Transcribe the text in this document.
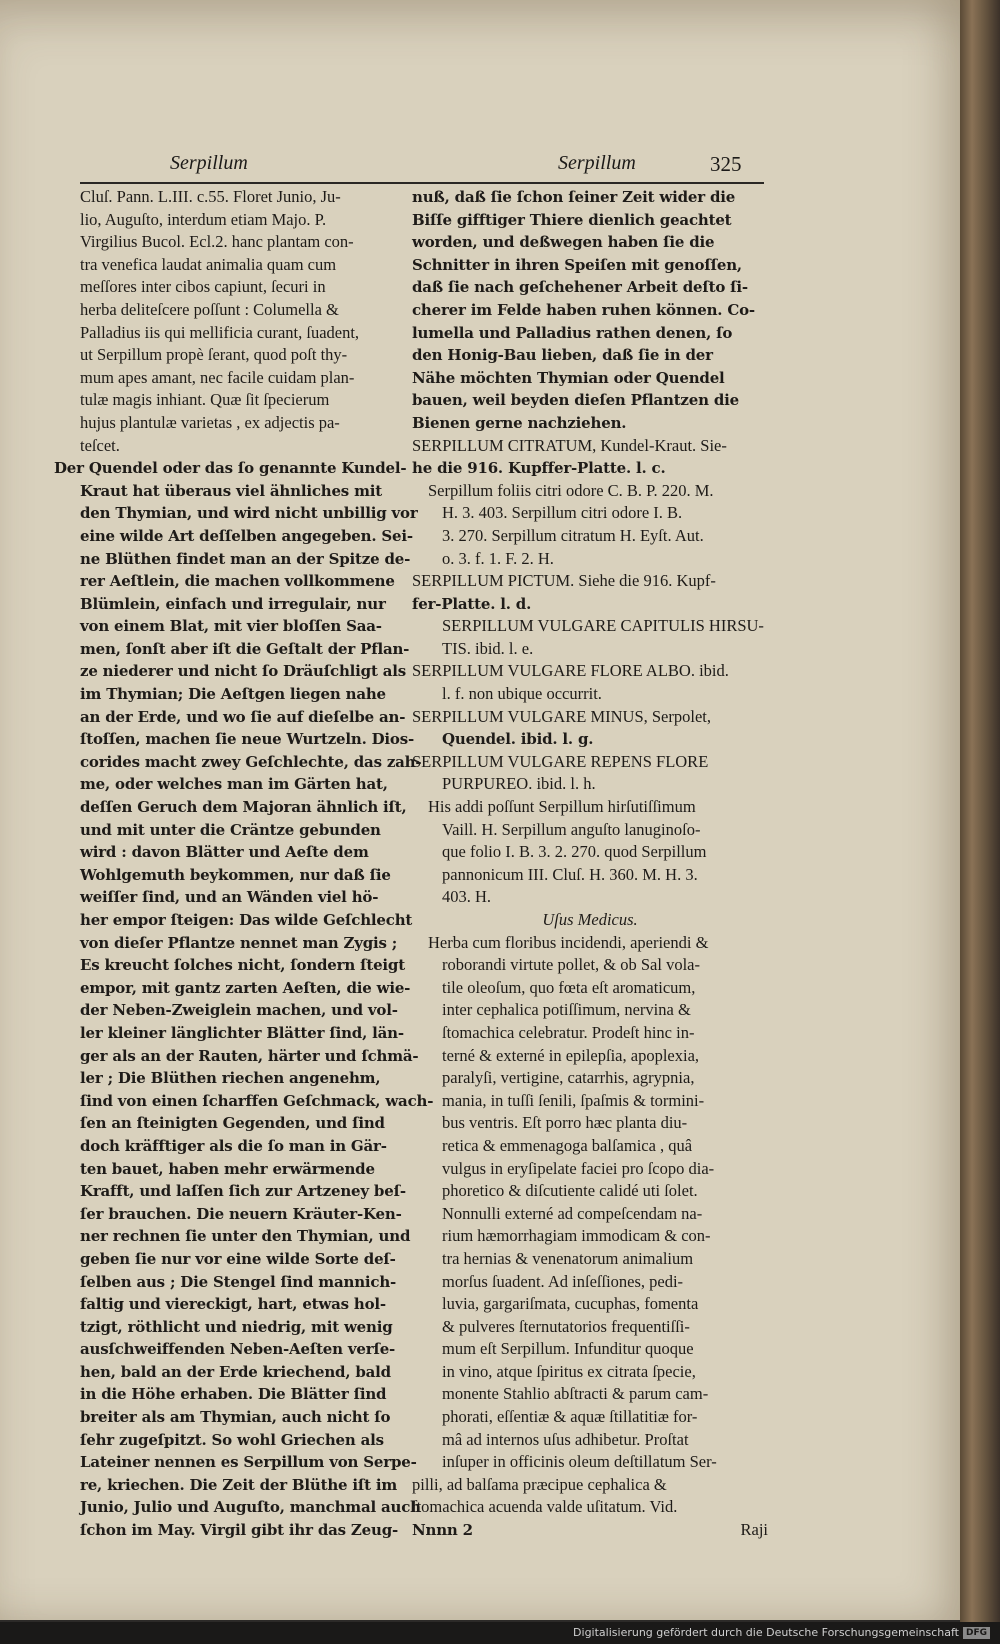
Serpillum	Serpillum	325
Cluſ. Pann. L.III. c.55. Floret Junio, Ju-
lio, Auguſto, interdum etiam Majo. P.
Virgilius Bucol. Ecl.2. hanc plantam con-
tra venefica laudat animalia quam cum
meſſores inter cibos capiunt, ſecuri in
herba deliteſcere poſſunt : Columella &
Palladius iis qui mellificia curant, ſuadent,
ut Serpillum propè ſerant, quod poſt thy-
mum apes amant, nec facile cuidam plan-
tulæ magis inhiant. Quæ ſit ſpecierum
hujus plantulæ varietas , ex adjectis pa-
teſcet.
Der Quendel oder das ſo genannte Kundel-
Kraut hat überaus viel ähnliches mit
den Thymian, und wird nicht unbillig vor
eine wilde Art deſſelben angegeben. Sei-
ne Blüthen findet man an der Spitze de-
rer Aeſtlein, die machen vollkommene
Blümlein, einfach und irregulair, nur
von einem Blat, mit vier bloſſen Saa-
men, ſonſt aber iſt die Geſtalt der Pflan-
ze niederer und nicht ſo Dräuſchligt als
im Thymian; Die Aeſtgen liegen nahe
an der Erde, und wo ſie auf dieſelbe an-
ſtoſſen, machen ſie neue Wurtzeln. Dios-
corides macht zwey Geſchlechte, das zah-
me, oder welches man im Gärten hat,
deſſen Geruch dem Majoran ähnlich iſt,
und mit unter die Cräntze gebunden
wird : davon Blätter und Aeſte dem
Wohlgemuth beykommen, nur daß ſie
weiſſer ſind, und an Wänden viel hö-
her empor ſteigen: Das wilde Geſchlecht
von dieſer Pflantze nennet man Zygis ;
Es kreucht ſolches nicht, ſondern ſteigt
empor, mit gantz zarten Aeſten, die wie-
der Neben-Zweiglein machen, und vol-
ler kleiner länglichter Blätter ſind, län-
ger als an der Rauten, härter und ſchmä-
ler ; Die Blüthen riechen angenehm,
ſind von einen ſcharffen Geſchmack, wach-
ſen an ſteinigten Gegenden, und ſind
doch kräfftiger als die ſo man in Gär-
ten bauet, haben mehr erwärmende
Krafft, und laſſen ſich zur Artzeney beſ-
ſer brauchen. Die neuern Kräuter-Ken-
ner rechnen ſie unter den Thymian, und
geben ſie nur vor eine wilde Sorte deſ-
ſelben aus ; Die Stengel ſind mannich-
faltig und viereckigt, hart, etwas hol-
tzigt, röthlicht und niedrig, mit wenig
ausſchweiffenden Neben-Aeſten verſe-
hen, bald an der Erde kriechend, bald
in die Höhe erhaben. Die Blätter ſind
breiter als am Thymian, auch nicht ſo
ſehr zugeſpitzt. So wohl Griechen als
Lateiner nennen es Serpillum von Serpe-
re, kriechen. Die Zeit der Blüthe iſt im
Junio, Julio und Auguſto, manchmal auch
ſchon im May. Virgil gibt ihr das Zeug-
nuß, daß ſie ſchon ſeiner Zeit wider die
Biſſe gifftiger Thiere dienlich geachtet
worden, und deßwegen haben ſie die
Schnitter in ihren Speiſen mit genoſſen,
daß ſie nach geſchehener Arbeit deſto ſi-
cherer im Felde haben ruhen können. Co-
lumella und Palladius rathen denen, ſo
den Honig-Bau lieben, daß ſie in der
Nähe möchten Thymian oder Quendel
bauen, weil beyden dieſen Pflantzen die
Bienen gerne nachziehen.
SERPILLUM CITRATUM, Kundel-Kraut. Sie-
he die 916. Kupffer-Platte. l. c.
Serpillum foliis citri odore C. B. P. 220. M.
H. 3. 403. Serpillum citri odore I. B.
3. 270. Serpillum citratum H. Eyſt. Aut.
o. 3. f. 1. F. 2. H.
SERPILLUM PICTUM. Siehe die 916. Kupf-
fer-Platte. l. d.
SERPILLUM VULGARE CAPITULIS HIRSU-
TIS. ibid. l. e.
SERPILLUM VULGARE FLORE ALBO. ibid.
l. f. non ubique occurrit.
SERPILLUM VULGARE MINUS, Serpolet,
Quendel. ibid. l. g.
SERPILLUM VULGARE REPENS FLORE
PURPUREO. ibid. l. h.
His addi poſſunt Serpillum hirſutiſſimum
Vaill. H. Serpillum anguſto lanuginoſo-
que folio I. B. 3. 2. 270. quod Serpillum
pannonicum III. Cluſ. H. 360. M. H. 3.
403. H.
Uſus Medicus.
Herba cum floribus incidendi, aperiendi &
roborandi virtute pollet, & ob Sal vola-
tile oleoſum, quo fœta eſt aromaticum,
inter cephalica potiſſimum, nervina &
ſtomachica celebratur. Prodeſt hinc in-
terné & externé in epilepſia, apoplexia,
paralyſi, vertigine, catarrhis, agrypnia,
mania, in tuſſi ſenili, ſpaſmis & tormini-
bus ventris. Eſt porro hæc planta diu-
retica & emmenagoga balſamica , quâ
vulgus in eryſipelate faciei pro ſcopo dia-
phoretico & diſcutiente calidé uti ſolet.
Nonnulli externé ad compeſcendam na-
rium hæmorrhagiam immodicam & con-
tra hernias & venenatorum animalium
morſus ſuadent. Ad inſeſſiones, pedi-
luvia, gargariſmata, cucuphas, fomenta
& pulveres ſternutatorios frequentiſſi-
mum eſt Serpillum. Infunditur quoque
in vino, atque ſpiritus ex citrata ſpecie,
monente Stahlio abſtracti & parum cam-
phorati, eſſentiæ & aquæ ſtillatitiæ for-
mâ ad internos uſus adhibetur. Proſtat
inſuper in officinis oleum deſtillatum Ser-
pilli, ad balſama præcipue cephalica &
ſtomachica acuenda valde uſitatum. Vid.
Nnnn 2	Raji
Digitalisierung gefördert durch die Deutsche Forschungsgemeinschaft DFG
